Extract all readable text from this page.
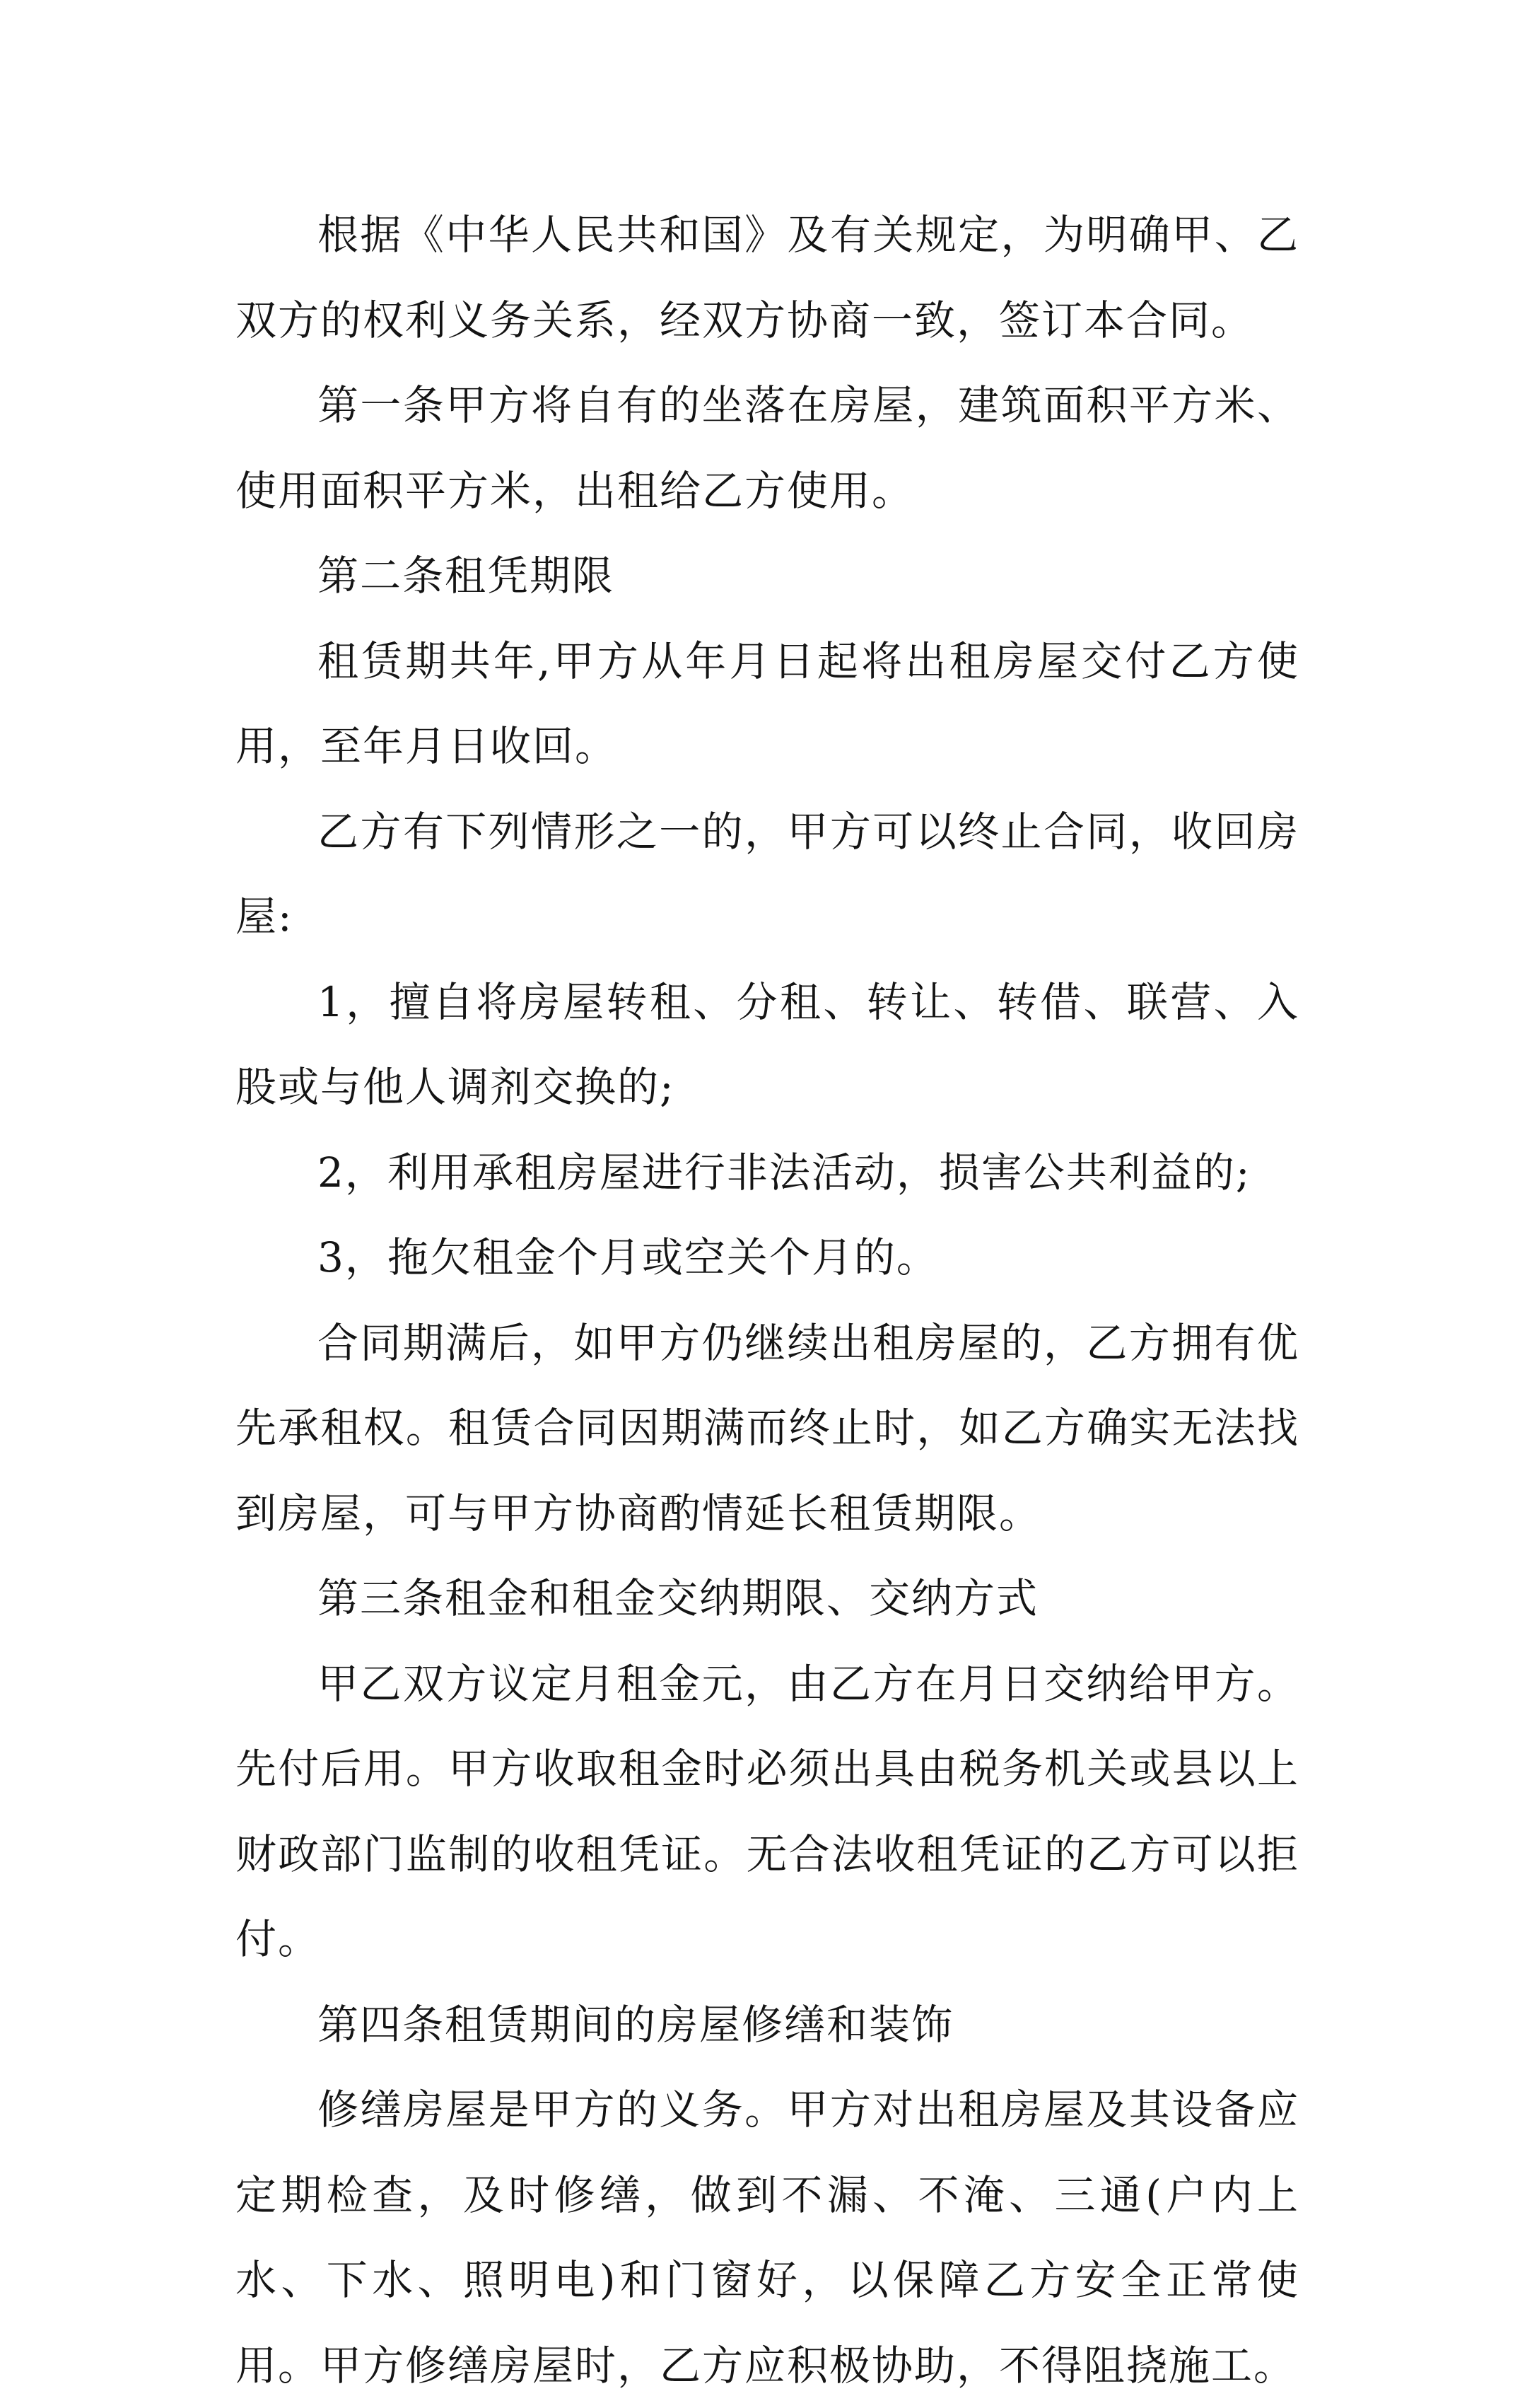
根据《中华人民共和国》及有关规定，为明确甲、乙双方的权利义务关系，经双方协商一致，签订本合同。

第一条甲方将自有的坐落在房屋，建筑面积平方米、使用面积平方米，出租给乙方使用。

第二条租凭期限

租赁期共年,甲方从年月日起将出租房屋交付乙方使用，至年月日收回。

乙方有下列情形之一的，甲方可以终止合同，收回房屋:

1，擅自将房屋转租、分租、转让、转借、联营、入股或与他人调剂交换的;

2，利用承租房屋进行非法活动，损害公共利益的;

3，拖欠租金个月或空关个月的。

合同期满后，如甲方仍继续出租房屋的，乙方拥有优先承租权。租赁合同因期满而终止时，如乙方确实无法找到房屋，可与甲方协商酌情延长租赁期限。

第三条租金和租金交纳期限、交纳方式

甲乙双方议定月租金元，由乙方在月日交纳给甲方。先付后用。甲方收取租金时必须出具由税务机关或县以上财政部门监制的收租凭证。无合法收租凭证的乙方可以拒付。

第四条租赁期间的房屋修缮和装饰

修缮房屋是甲方的义务。甲方对出租房屋及其设备应定期检查，及时修缮，做到不漏、不淹、三通(户内上水、下水、照明电)和门窗好，以保障乙方安全正常使用。甲方修缮房屋时，乙方应积极协助，不得阻挠施工。
